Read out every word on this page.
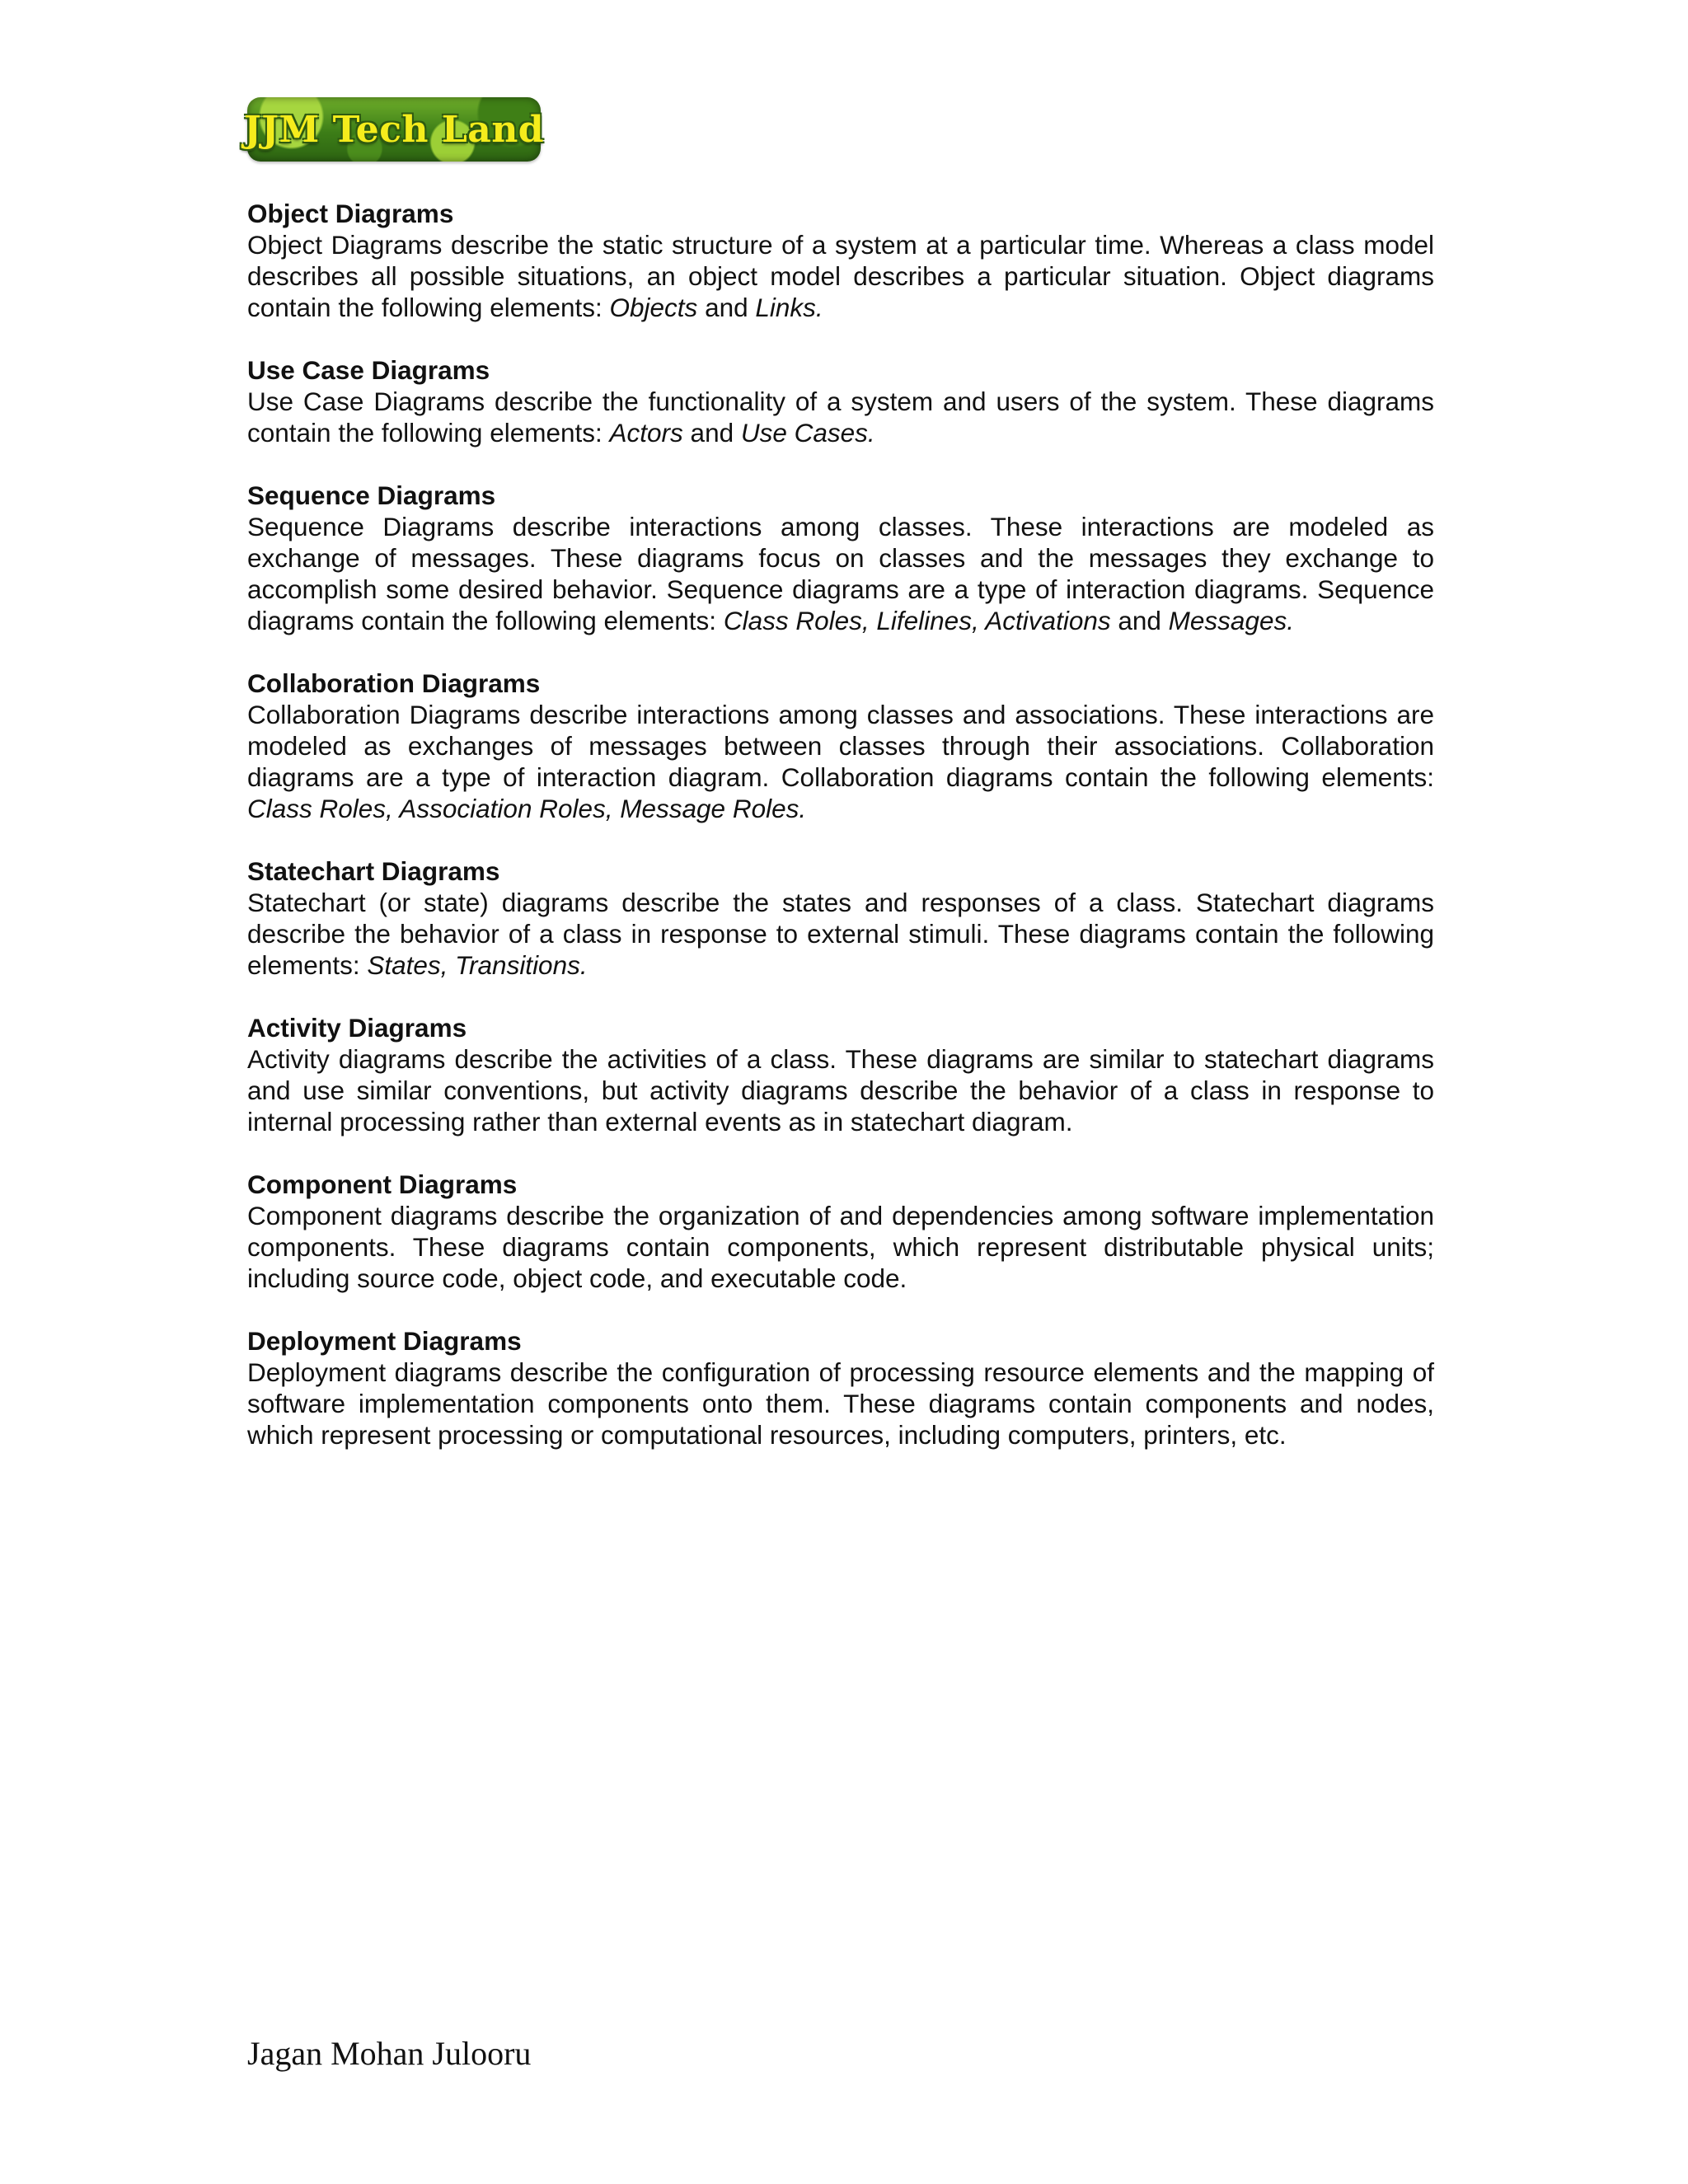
JJM Tech Land
Object Diagrams
Object Diagrams describe the static structure of a system at a particular time. Whereas a class model describes all possible situations, an object model describes a particular situation. Object diagrams contain the following elements: Objects and Links.
Use Case Diagrams
Use Case Diagrams describe the functionality of a system and users of the system. These diagrams contain the following elements: Actors and Use Cases.
Sequence Diagrams
Sequence Diagrams describe interactions among classes. These interactions are modeled as exchange of messages. These diagrams focus on classes and the messages they exchange to accomplish some desired behavior. Sequence diagrams are a type of interaction diagrams. Sequence diagrams contain the following elements: Class Roles, Lifelines, Activations and Messages.
Collaboration Diagrams
Collaboration Diagrams describe interactions among classes and associations. These interactions are modeled as exchanges of messages between classes through their associations. Collaboration diagrams are a type of interaction diagram. Collaboration diagrams contain the following elements: Class Roles, Association Roles, Message Roles.
Statechart Diagrams
Statechart (or state) diagrams describe the states and responses of a class. Statechart diagrams describe the behavior of a class in response to external stimuli. These diagrams contain the following elements: States, Transitions.
Activity Diagrams
Activity diagrams describe the activities of a class. These diagrams are similar to statechart diagrams and use similar conventions, but activity diagrams describe the behavior of a class in response to internal processing rather than external events as in statechart diagram.
Component Diagrams
Component diagrams describe the organization of and dependencies among software implementation components. These diagrams contain components, which represent distributable physical units; including source code, object code, and executable code.
Deployment Diagrams
Deployment diagrams describe the configuration of processing resource elements and the mapping of software implementation components onto them. These diagrams contain components and nodes, which represent processing or computational resources, including computers, printers, etc.
Jagan Mohan Julooru
